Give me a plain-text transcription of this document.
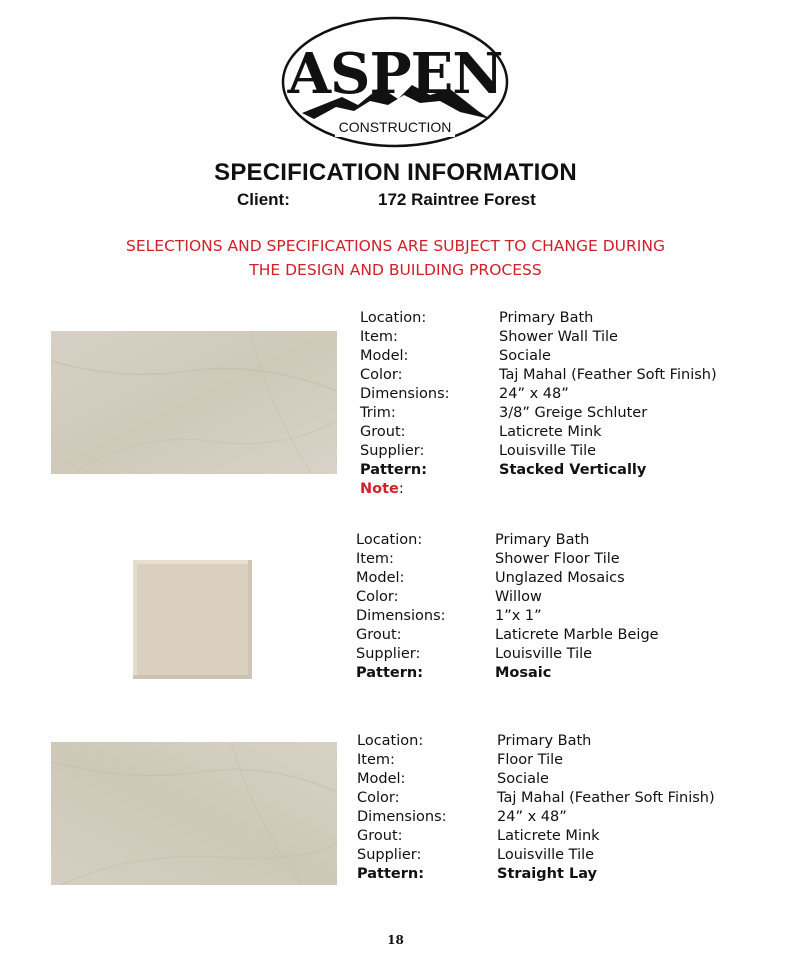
ASPEN
CONSTRUCTION
SPECIFICATION INFORMATION
Client:	172 Raintree Forest
SELECTIONS AND SPECIFICATIONS ARE SUBJECT TO CHANGE DURING
THE DESIGN AND BUILDING PROCESS
Location:	Primary Bath
Item:	Shower Wall Tile
Model:	Sociale
Color:	Taj Mahal (Feather Soft Finish)
Dimensions:	24” x 48”
Trim:	3/8” Greige Schluter
Grout:	Laticrete Mink
Supplier:	Louisville Tile
Pattern:	Stacked Vertically
Note:
Location:	Primary Bath
Item:	Shower Floor Tile
Model:	Unglazed Mosaics
Color:	Willow
Dimensions:	1”x 1”
Grout:	Laticrete Marble Beige
Supplier:	Louisville Tile
Pattern:	Mosaic
Location:	Primary Bath
Item:	Floor Tile
Model:	Sociale
Color:	Taj Mahal (Feather Soft Finish)
Dimensions:	24” x 48”
Grout:	Laticrete Mink
Supplier:	Louisville Tile
Pattern:	Straight Lay
18
